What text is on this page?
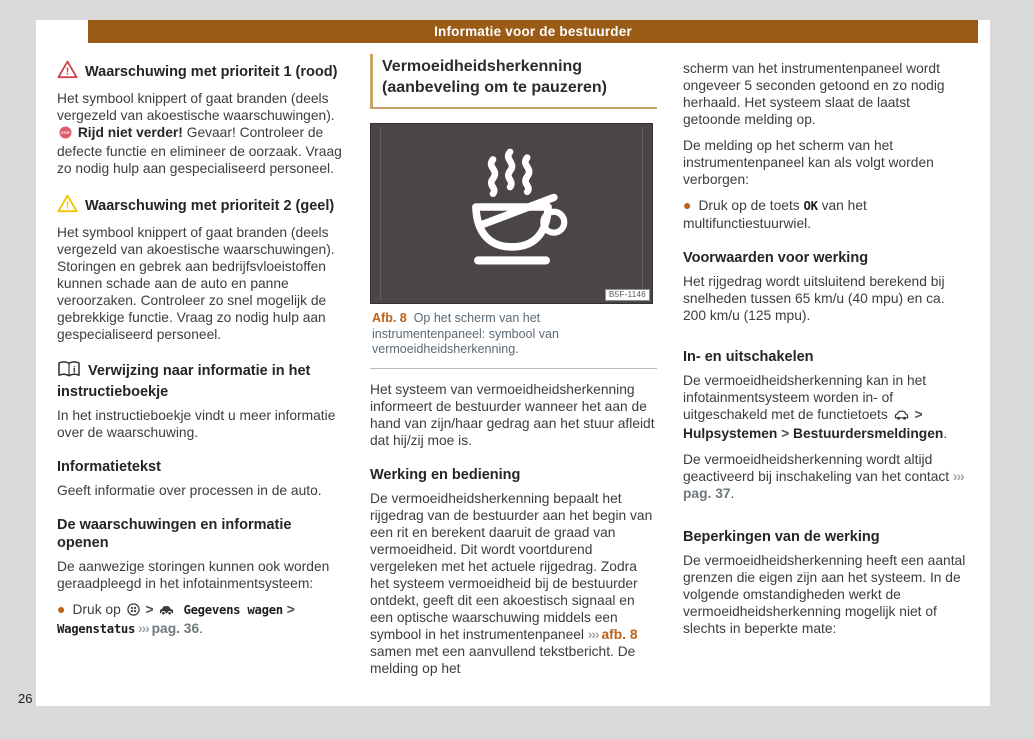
Informatie voor de bestuurder
! Waarschuwing met prioriteit 1 (rood)

Het symbool knippert of gaat branden (deels vergezeld van akoestische waarschuwingen).
STOP Rijd niet verder! Gevaar! Controleer de defecte functie en elimineer de oorzaak. Vraag zo nodig hulp aan gespecialiseerd personeel.

! Waarschuwing met prioriteit 2 (geel)

Het symbool knippert of gaat branden (deels vergezeld van akoestische waarschuwingen). Storingen en gebrek aan bedrijfsvloeistoffen kunnen schade aan de auto en panne veroorzaken. Controleer zo snel mogelijk de gebrekkige functie. Vraag zo nodig hulp aan gespecialiseerd personeel.

i Verwijzing naar informatie in het instructieboekje

In het instructieboekje vindt u meer informatie over de waarschuwing.

Informatietekst

Geeft informatie over processen in de auto.

De waarschuwingen en informatie openen

De aanwezige storingen kunnen ook worden geraadpleegd in het infotainmentsysteem:

● Druk op  >  Gegevens wagen > Wagenstatus ››› pag. 36.

Vermoeidheidsherkenning (aanbeveling om te pauzeren)
B5F-1146
Afb. 8  Op het scherm van het instrumentenpaneel: symbool van vermoeidheidsherkenning.

Het systeem van vermoeidheidsherkenning informeert de bestuurder wanneer het aan de hand van zijn/haar gedrag aan het stuur afleidt dat hij/zij moe is.

Werking en bediening

De vermoeidheidsherkenning bepaalt het rijgedrag van de bestuurder aan het begin van een rit en berekent daaruit de graad van vermoeidheid. Dit wordt voortdurend vergeleken met het actuele rijgedrag. Zodra het systeem vermoeidheid bij de bestuurder ontdekt, geeft dit een akoestisch signaal en een optische waarschuwing middels een symbool in het instrumentenpaneel ››› afb. 8 samen met een aanvullend tekstbericht. De melding op het

scherm van het instrumentenpaneel wordt ongeveer 5 seconden getoond en zo nodig herhaald. Het systeem slaat de laatst getoonde melding op.

De melding op het scherm van het instrumentenpaneel kan als volgt worden verborgen:

● Druk op de toets OK van het multifunctiestuurwiel.

Voorwaarden voor werking

Het rijgedrag wordt uitsluitend berekend bij snelheden tussen 65 km/u (40 mpu) en ca. 200 km/u (125 mpu).

In- en uitschakelen

De vermoeidheidsherkenning kan in het infotainmentsysteem worden in- of uitgeschakeld met de functietoets  > Hulpsystemen > Bestuurdersmeldingen.

De vermoeidheidsherkenning wordt altijd geactiveerd bij inschakeling van het contact ››› pag. 37.

Beperkingen van de werking

De vermoeidheidsherkenning heeft een aantal grenzen die eigen zijn aan het systeem. In de volgende omstandigheden werkt de vermoeidheidsherkenning mogelijk niet of slechts in beperkte mate:

26
